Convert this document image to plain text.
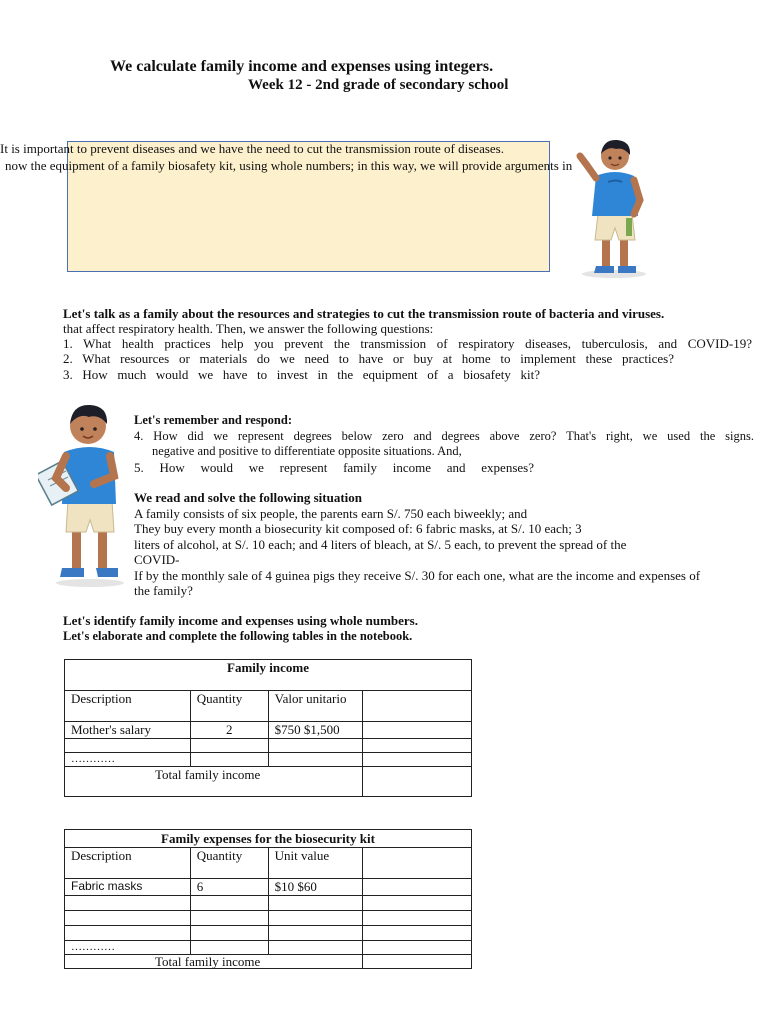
We calculate family income and expenses using integers.
Week 12 - 2nd grade of secondary school
It is important to prevent diseases and we have the need to cut the transmission route of diseases.
now the equipment of a family biosafety kit, using whole numbers; in this way, we will provide arguments in
Let's talk as a family about the resources and strategies to cut the transmission route of bacteria and viruses.
that affect respiratory health. Then, we answer the following questions:
1. What health practices help you prevent the transmission of respiratory diseases, tuberculosis, and COVID-19?
2. What resources or materials do we need to have or buy at home to implement these practices?
3. How much would we have to invest in the equipment of a biosafety kit?
Let's remember and respond:
4. How did we represent degrees below zero and degrees above zero? That's right, we used the signs.
negative and positive to differentiate opposite situations. And,
5. How would we represent family income and expenses?
We read and solve the following situation
A family consists of six people, the parents earn S/. 750 each biweekly; and
They buy every month a biosecurity kit composed of: 6 fabric masks, at S/. 10 each; 3
liters of alcohol, at S/. 10 each; and 4 liters of bleach, at S/. 5 each, to prevent the spread of the
COVID-
If by the monthly sale of 4 guinea pigs they receive S/. 30 for each one, what are the income and expenses of
the family?
Let's identify family income and expenses using whole numbers.
Let's elaborate and complete the following tables in the notebook.
Family income			
Description	Quantity	Valor unitario	
Mother's salary	2	$750 $1,500	

…………			
Total family income			
Family expenses for the biosecurity kit			
Description	Quantity	Unit value	
Fabric masks	6	$10 $60	

…………			
Total family income			
